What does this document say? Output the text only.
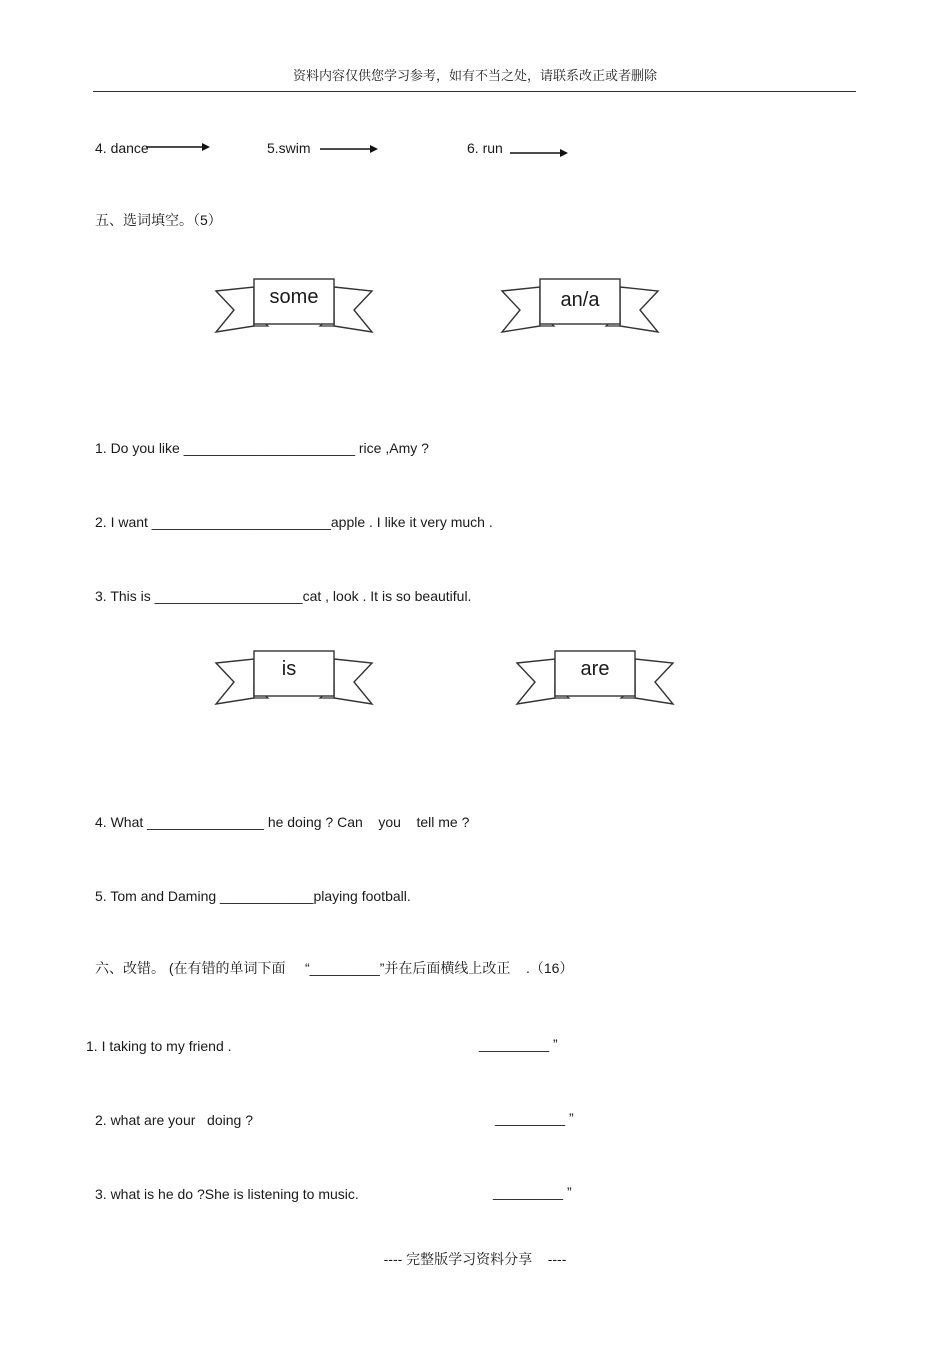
资料内容仅供您学习参考，如有不当之处，请联系改正或者删除
4. dance	5.swim	6. run
五、选词填空。（5）
some	an/a
1. Do you like ______________________ rice ,Amy ?
2. I want _______________________apple . I like it very much .
3. This is ___________________cat , look . It is so beautiful.
is	are
4. What _______________ he doing ? Can    you    tell me ?
5. Tom and Daming ____________playing football.
六、改错。 (在有错的单词下面     “_________”并在后面横线上改正    .（16）
1. I taking to my friend .	_________ ”
2. what are your   doing ?	_________ ”
3. what is he do ?She is listening to music.	_________ ”
---- 完整版学习资料分享    ----
